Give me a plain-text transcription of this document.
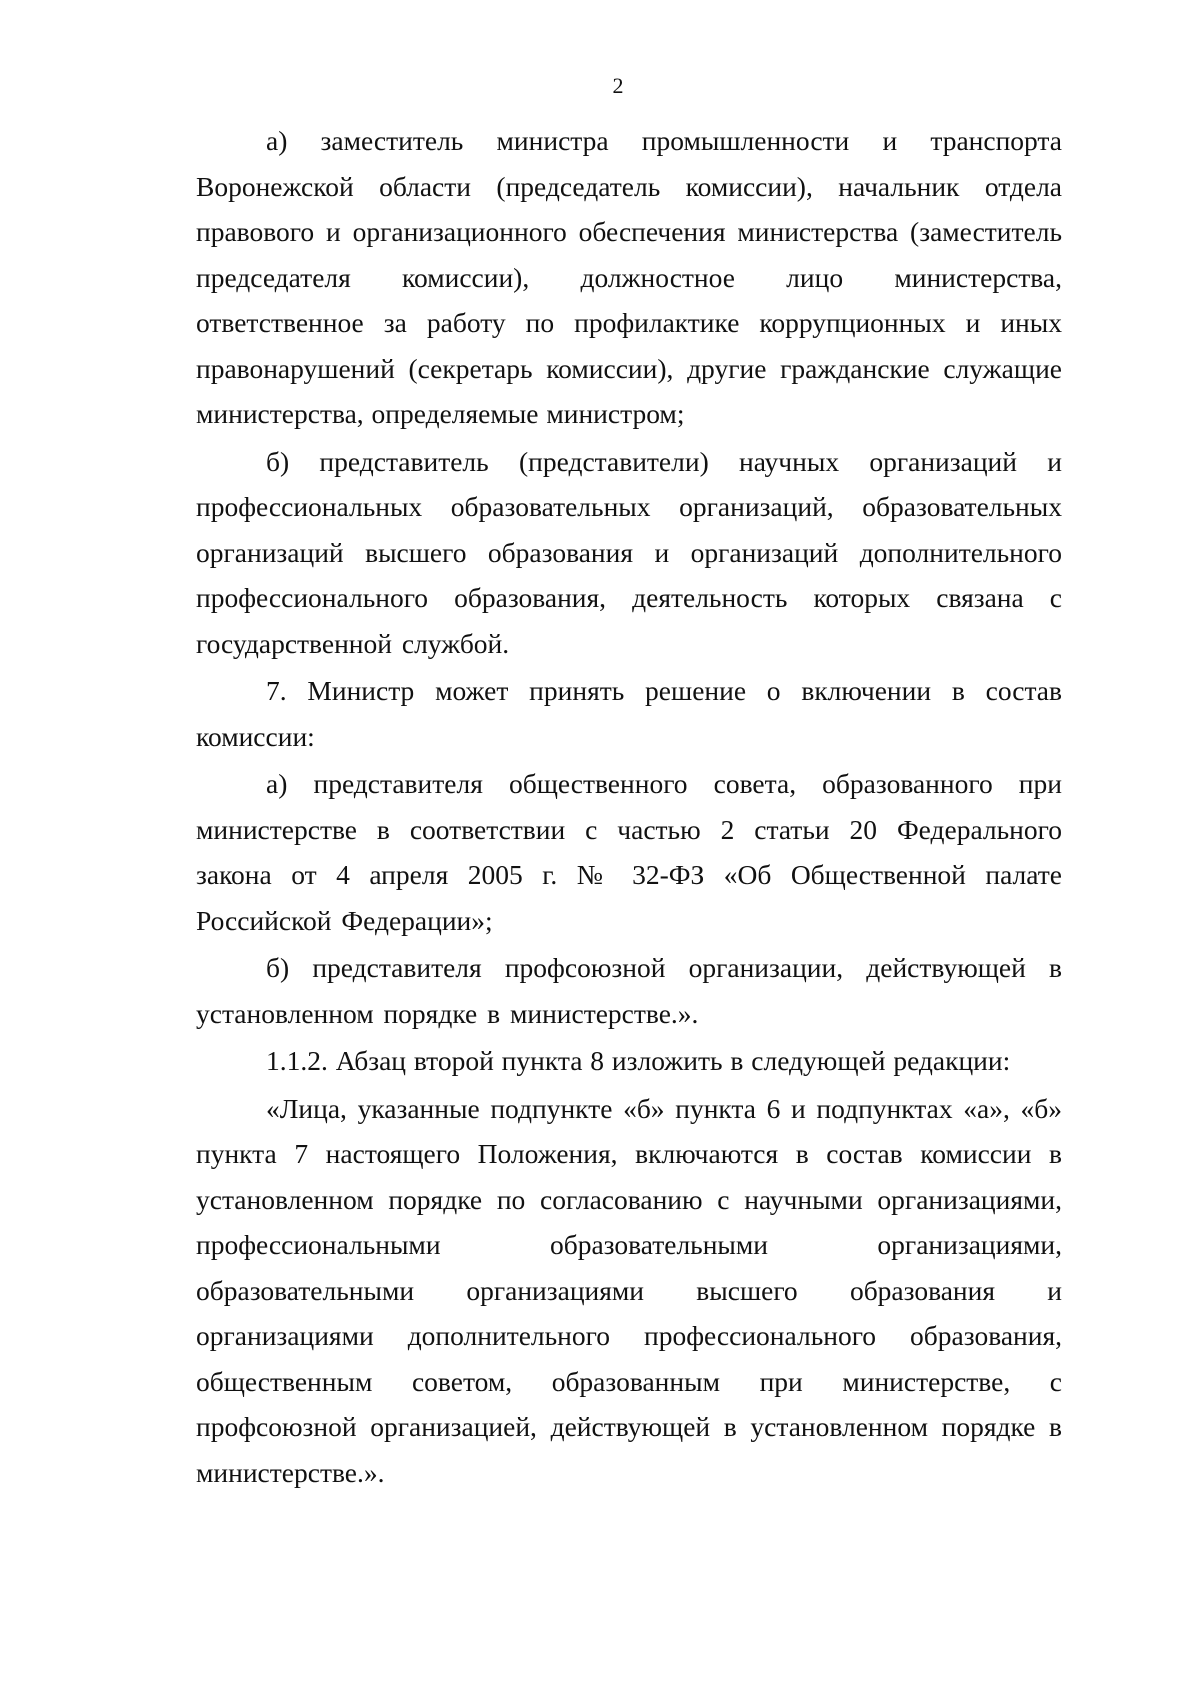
2

а) заместитель министра промышленности и транспорта Воронежской области (председатель комиссии), начальник отдела правового и организационного обеспечения министерства (заместитель председателя комиссии), должностное лицо министерства, ответственное за работу по профилактике коррупционных и иных правонарушений (секретарь комиссии), другие гражданские служащие министерства, определяемые министром;

б) представитель (представители) научных организаций и профессиональных образовательных организаций, образовательных организаций высшего образования и организаций дополнительного профессионального образования, деятельность которых связана с государственной службой.

7. Министр может принять решение о включении в состав комиссии:

а) представителя общественного совета, образованного при министерстве в соответствии с частью 2 статьи 20 Федерального закона от 4 апреля 2005 г. № 32-ФЗ «Об Общественной палате Российской Федерации»;

б) представителя профсоюзной организации, действующей в установленном порядке в министерстве.».

1.1.2. Абзац второй пункта 8 изложить в следующей редакции:

«Лица, указанные подпункте «б» пункта 6 и подпунктах «а», «б» пункта 7 настоящего Положения, включаются в состав комиссии в установленном порядке по согласованию с научными организациями, профессиональными образовательными организациями, образовательными организациями высшего образования и организациями дополнительного профессионального образования, общественным советом, образованным при министерстве, с профсоюзной организацией, действующей в установленном порядке в министерстве.».
